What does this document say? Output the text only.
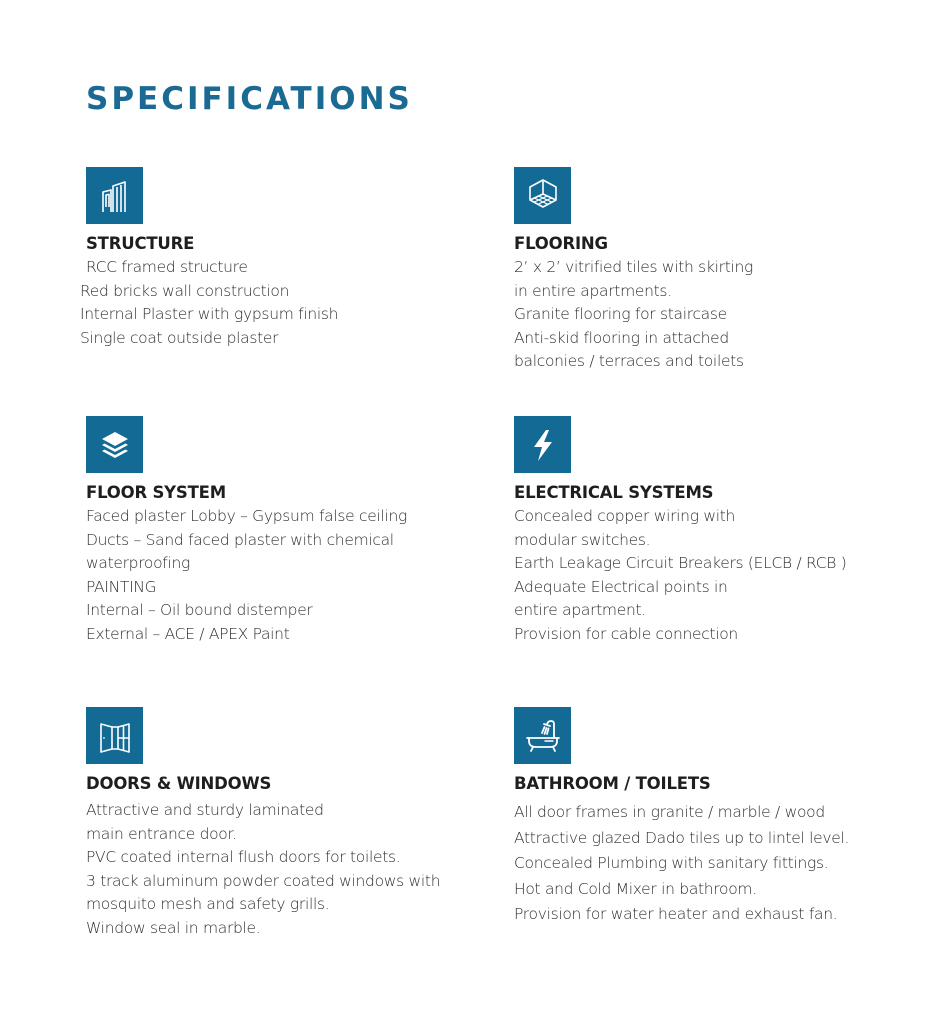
SPECIFICATIONS
STRUCTURE
RCC framed structure
Red bricks wall construction
Internal Plaster with gypsum finish
Single coat outside plaster
FLOORING
2’ x 2’ vitrified tiles with skirting
in entire apartments.
Granite flooring for staircase
Anti-skid flooring in attached
balconies / terraces and toilets
FLOOR SYSTEM
Faced plaster Lobby – Gypsum false ceiling
Ducts – Sand faced plaster with chemical
waterproofing
PAINTING
Internal – Oil bound distemper
External – ACE / APEX Paint
ELECTRICAL SYSTEMS
Concealed copper wiring with
modular switches.
Earth Leakage Circuit Breakers (ELCB / RCB )
Adequate Electrical points in
entire apartment.
Provision for cable connection
DOORS & WINDOWS
Attractive and sturdy laminated
main entrance door.
PVC coated internal flush doors for toilets.
3 track aluminum powder coated windows with
mosquito mesh and safety grills.
Window seal in marble.
BATHROOM / TOILETS
All door frames in granite / marble / wood
Attractive glazed Dado tiles up to lintel level.
Concealed Plumbing with sanitary fittings.
Hot and Cold Mixer in bathroom.
Provision for water heater and exhaust fan.
